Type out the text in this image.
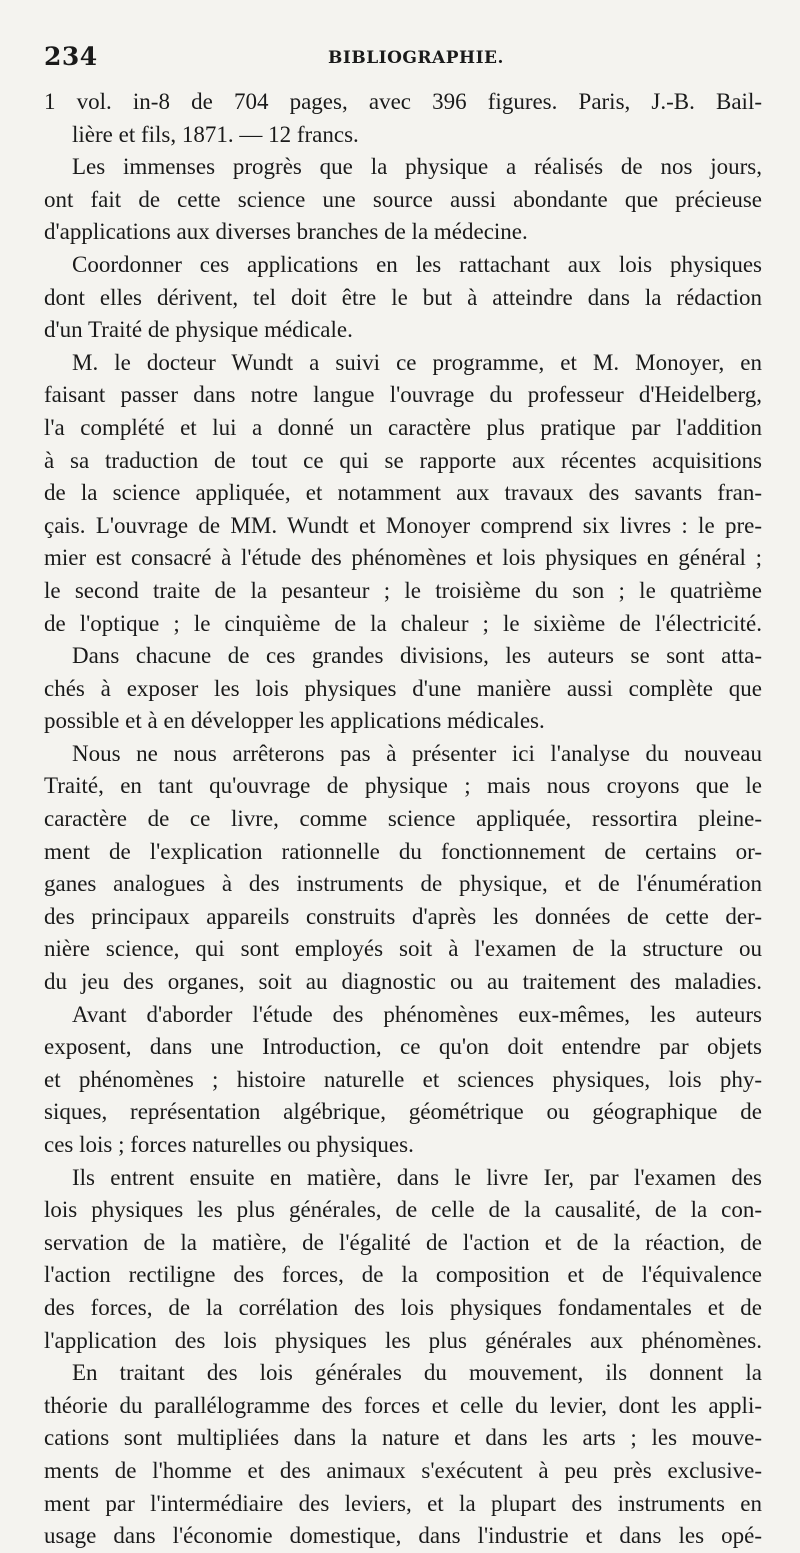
234	BIBLIOGRAPHIE.
1 vol. in-8 de 704 pages, avec 396 figures. Paris, J.-B. Bail-
lière et fils, 1871. — 12 francs.
Les immenses progrès que la physique a réalisés de nos jours,
ont fait de cette science une source aussi abondante que précieuse
d'applications aux diverses branches de la médecine.
Coordonner ces applications en les rattachant aux lois physiques
dont elles dérivent, tel doit être le but à atteindre dans la rédaction
d'un Traité de physique médicale.
M. le docteur Wundt a suivi ce programme, et M. Monoyer, en
faisant passer dans notre langue l'ouvrage du professeur d'Heidelberg,
l'a complété et lui a donné un caractère plus pratique par l'addition
à sa traduction de tout ce qui se rapporte aux récentes acquisitions
de la science appliquée, et notamment aux travaux des savants fran-
çais. L'ouvrage de MM. Wundt et Monoyer comprend six livres : le pre-
mier est consacré à l'étude des phénomènes et lois physiques en général ;
le second traite de la pesanteur ; le troisième du son ; le quatrième
de l'optique ; le cinquième de la chaleur ; le sixième de l'électricité.
Dans chacune de ces grandes divisions, les auteurs se sont atta-
chés à exposer les lois physiques d'une manière aussi complète que
possible et à en développer les applications médicales.
Nous ne nous arrêterons pas à présenter ici l'analyse du nouveau
Traité, en tant qu'ouvrage de physique ; mais nous croyons que le
caractère de ce livre, comme science appliquée, ressortira pleine-
ment de l'explication rationnelle du fonctionnement de certains or-
ganes analogues à des instruments de physique, et de l'énumération
des principaux appareils construits d'après les données de cette der-
nière science, qui sont employés soit à l'examen de la structure ou
du jeu des organes, soit au diagnostic ou au traitement des maladies.
Avant d'aborder l'étude des phénomènes eux-mêmes, les auteurs
exposent, dans une Introduction, ce qu'on doit entendre par objets
et phénomènes ; histoire naturelle et sciences physiques, lois phy-
siques, représentation algébrique, géométrique ou géographique de
ces lois ; forces naturelles ou physiques.
Ils entrent ensuite en matière, dans le livre Ier, par l'examen des
lois physiques les plus générales, de celle de la causalité, de la con-
servation de la matière, de l'égalité de l'action et de la réaction, de
l'action rectiligne des forces, de la composition et de l'équivalence
des forces, de la corrélation des lois physiques fondamentales et de
l'application des lois physiques les plus générales aux phénomènes.
En traitant des lois générales du mouvement, ils donnent la
théorie du parallélogramme des forces et celle du levier, dont les appli-
cations sont multipliées dans la nature et dans les arts ; les mouve-
ments de l'homme et des animaux s'exécutent à peu près exclusive-
ment par l'intermédiaire des leviers, et la plupart des instruments en
usage dans l'économie domestique, dans l'industrie et dans les opé-
